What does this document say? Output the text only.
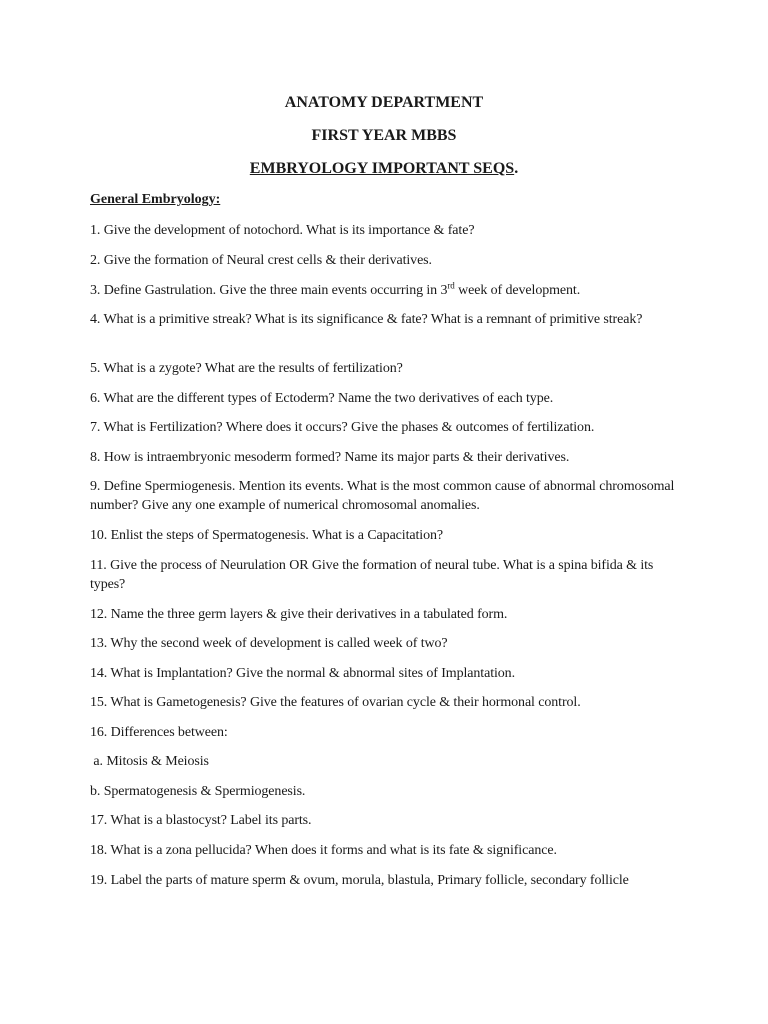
ANATOMY DEPARTMENT
FIRST YEAR MBBS
EMBRYOLOGY IMPORTANT SEQS.
General Embryology:
1. Give the development of notochord. What is its importance & fate?
2. Give the formation of Neural crest cells & their derivatives.
3. Define Gastrulation. Give the three main events occurring in 3rd week of development.
4. What is a primitive streak? What is its significance & fate? What is a remnant of primitive streak?
5. What is a zygote? What are the results of fertilization?
6. What are the different types of Ectoderm? Name the two derivatives of each type.
7. What is Fertilization? Where does it occurs? Give the phases & outcomes of fertilization.
8. How is intraembryonic mesoderm formed? Name its major parts & their derivatives.
9. Define Spermiogenesis. Mention its events. What is the most common cause of abnormal chromosomal number? Give any one example of numerical chromosomal anomalies.
10. Enlist the steps of Spermatogenesis. What is a Capacitation?
11. Give the process of Neurulation OR Give the formation of neural tube. What is a spina bifida & its types?
12. Name the three germ layers & give their derivatives in a tabulated form.
13. Why the second week of development is called week of two?
14. What is Implantation? Give the normal & abnormal sites of Implantation.
15. What is Gametogenesis? Give the features of ovarian cycle & their hormonal control.
16. Differences between:
a. Mitosis & Meiosis
b. Spermatogenesis & Spermiogenesis.
17. What is a blastocyst? Label its parts.
18. What is a zona pellucida? When does it forms and what is its fate & significance.
19. Label the parts of mature sperm & ovum, morula, blastula, Primary follicle, secondary follicle
